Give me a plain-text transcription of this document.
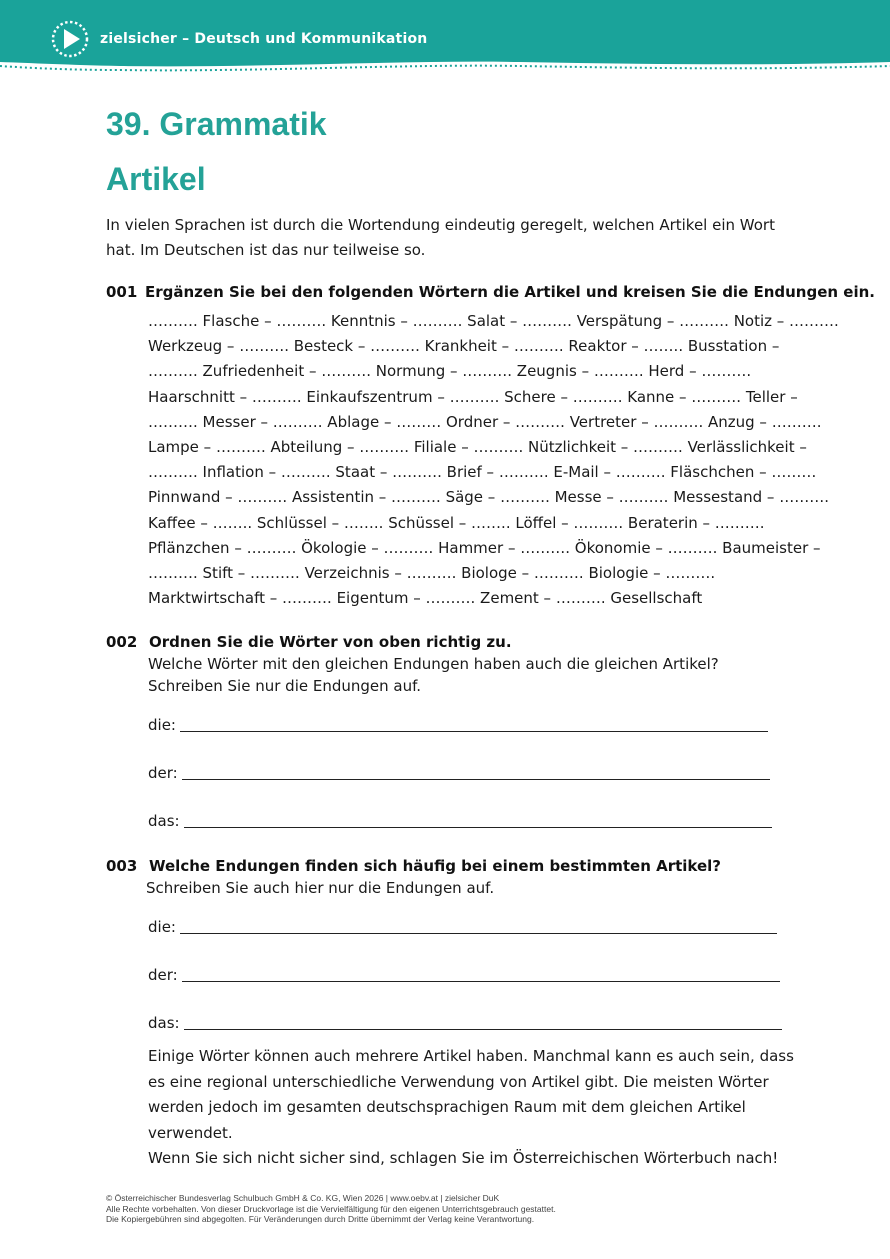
zielsicher – Deutsch und Kommunikation
39. Grammatik
Artikel
In vielen Sprachen ist durch die Wortendung eindeutig geregelt, welchen Artikel ein Wort hat. Im Deutschen ist das nur teilweise so.
001 Ergänzen Sie bei den folgenden Wörtern die Artikel und kreisen Sie die Endungen ein.
………. Flasche – ………. Kenntnis – ………. Salat – ………. Verspätung – ………. Notiz – ……….
Werkzeug – ………. Besteck – ………. Krankheit – ………. Reaktor – …….. Busstation –
………. Zufriedenheit – ………. Normung – ………. Zeugnis – ………. Herd – ……….
Haarschnitt – ………. Einkaufszentrum – ………. Schere – ………. Kanne – ………. Teller –
………. Messer – ………. Ablage – ……… Ordner – ………. Vertreter – ………. Anzug – ……….
Lampe – ………. Abteilung – ………. Filiale – ………. Nützlichkeit – ………. Verlässlichkeit –
………. Inflation – ………. Staat – ………. Brief – ………. E-Mail – ………. Fläschchen – ………
Pinnwand – ………. Assistentin – ………. Säge – ………. Messe – ………. Messestand – ……….
Kaffee – …….. Schlüssel – …….. Schüssel – …….. Löffel – ………. Beraterin – ……….
Pflänzchen – ………. Ökologie – ………. Hammer – ………. Ökonomie – ………. Baumeister –
………. Stift – ………. Verzeichnis – ………. Biologe – ………. Biologie – ……….
Marktwirtschaft – ………. Eigentum – ………. Zement – ………. Gesellschaft
002 Ordnen Sie die Wörter von oben richtig zu.
Welche Wörter mit den gleichen Endungen haben auch die gleichen Artikel? Schreiben Sie nur die Endungen auf.
die:
der:
das:
003 Welche Endungen finden sich häufig bei einem bestimmten Artikel?
Schreiben Sie auch hier nur die Endungen auf.
die:
der:
das:
Einige Wörter können auch mehrere Artikel haben. Manchmal kann es auch sein, dass es eine regional unterschiedliche Verwendung von Artikel gibt. Die meisten Wörter werden jedoch im gesamten deutschsprachigen Raum mit dem gleichen Artikel verwendet.
Wenn Sie sich nicht sicher sind, schlagen Sie im Österreichischen Wörterbuch nach!
© Österreichischer Bundesverlag Schulbuch GmbH & Co. KG, Wien 2026 | www.oebv.at | zielsicher DuK
Alle Rechte vorbehalten. Von dieser Druckvorlage ist die Vervielfältigung für den eigenen Unterrichtsgebrauch gestattet.
Die Kopiergebühren sind abgegolten. Für Veränderungen durch Dritte übernimmt der Verlag keine Verantwortung.
